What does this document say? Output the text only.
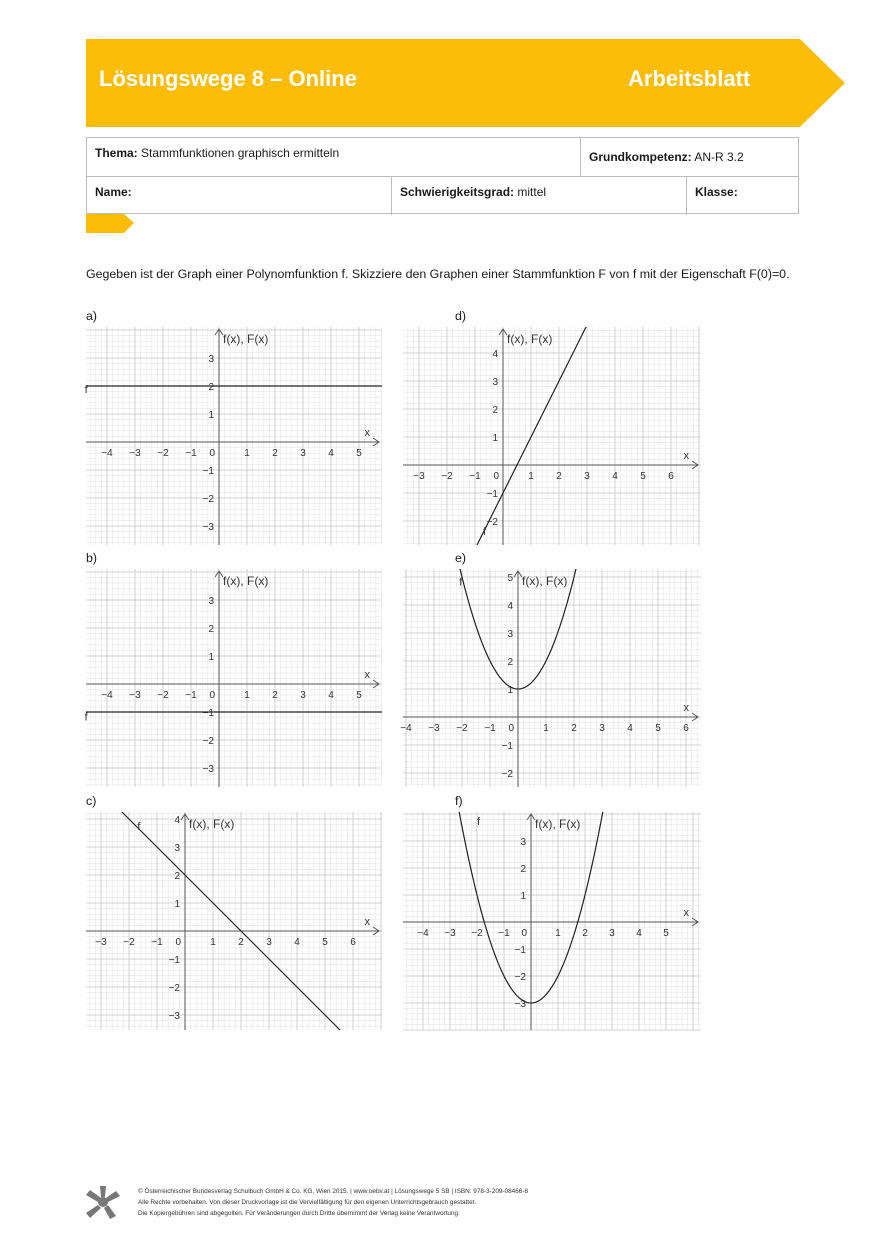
Lösungswege 8 – Online	Arbeitsblatt
Thema: Stammfunktionen graphisch ermitteln	Grundkompetenz: AN-R 3.2
Name:	Schwierigkeitsgrad: mittel	Klasse:
Gegeben ist der Graph einer Polynomfunktion f. Skizziere den Graphen einer Stammfunktion F von f mit der Eigenschaft F(0)=0.
a)
b)
c)
d)
e)
f)
−4 −3 −2 −1	1 2 3 4 5
0
−3
−2
−1
1
2
3
f(x), F(x)
x
f
−4 −3 −2 −1	1 2 3 4 5
0
−3
−2
−1
1
2
3
f(x), F(x)
x
f
−3 −2 −1	1 2 3 4 5 6
0
−3
−2
−1
1
2
3
4 f(x), F(x)
x
f
−3 −2 −1	1 2 3 4 5 6
0
−2
−1
1
2
3
4
f(x), F(x)
x
f
−4 −3 −2 −1	1 2 3 4 5 6
0
−2
−1
1
2
3
4
5 f(x), F(x)
x
f
−4 −3 −2 −1	1 2 3 4 5
0
−3
−2
−1
1
2
3
f(x), F(x)
x
f
© Österreichischer Bundesverlag Schulbuch GmbH & Co. KG, Wien 2015. | www.oebv.at | Lösungswege 5 SB | ISBN: 978-3-209-08466-8
Alle Rechte vorbehalten. Von dieser Druckvorlage ist die Vervielfältigung für den eigenen Unterrichtsgebrauch gestattet.
Die Kopiergebühren sind abgegolten. Für Veränderungen durch Dritte übernimmt der Verlag keine Verantwortung.
